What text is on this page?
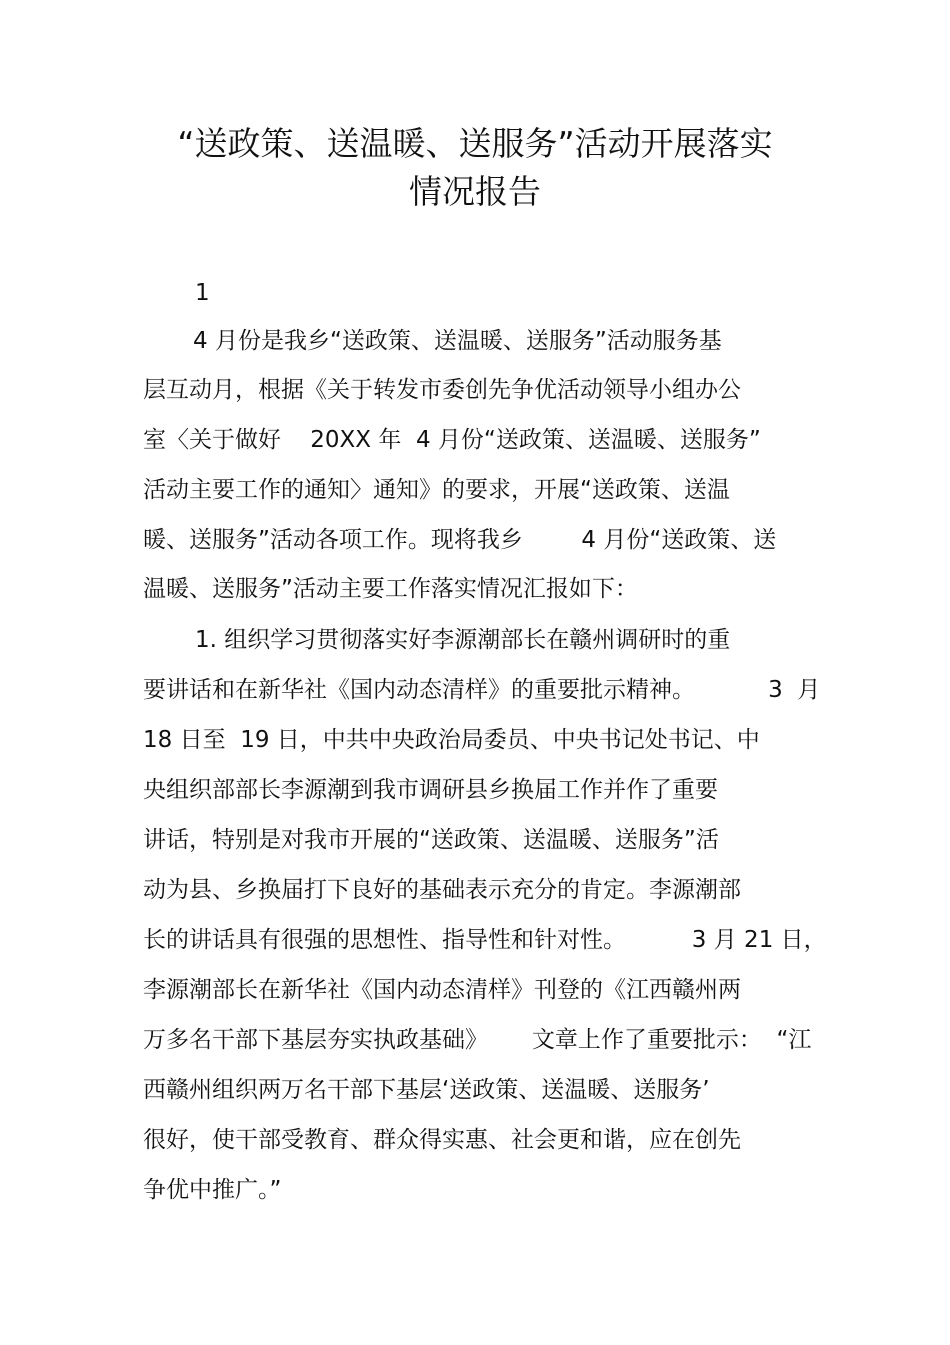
“送政策、送温暖、送服务”活动开展落实
情况报告
1
4 月份是我乡“送政策、送温暖、送服务”活动服务基
层互动月，根据《关于转发市委创先争优活动领导小组办公
室〈关于做好    20XX 年  4 月份“送政策、送温暖、送服务”
活动主要工作的通知〉通知》的要求，开展“送政策、送温
暖、送服务”活动各项工作。现将我乡        4 月份“送政策、送
温暖、送服务”活动主要工作落实情况汇报如下：
1. 组织学习贯彻落实好李源潮部长在赣州调研时的重
要讲话和在新华社《国内动态清样》的重要批示精神。          3  月
18 日至  19 日，中共中央政治局委员、中央书记处书记、中
央组织部部长李源潮到我市调研县乡换届工作并作了重要
讲话，特别是对我市开展的“送政策、送温暖、送服务”活
动为县、乡换届打下良好的基础表示充分的肯定。李源潮部
长的讲话具有很强的思想性、指导性和针对性。         3 月 21 日，
李源潮部长在新华社《国内动态清样》刊登的《江西赣州两
万多名干部下基层夯实执政基础》      文章上作了重要批示：  “江
西赣州组织两万名干部下基层‘送政策、送温暖、送服务’
很好，使干部受教育、群众得实惠、社会更和谐，应在创先
争优中推广。”
